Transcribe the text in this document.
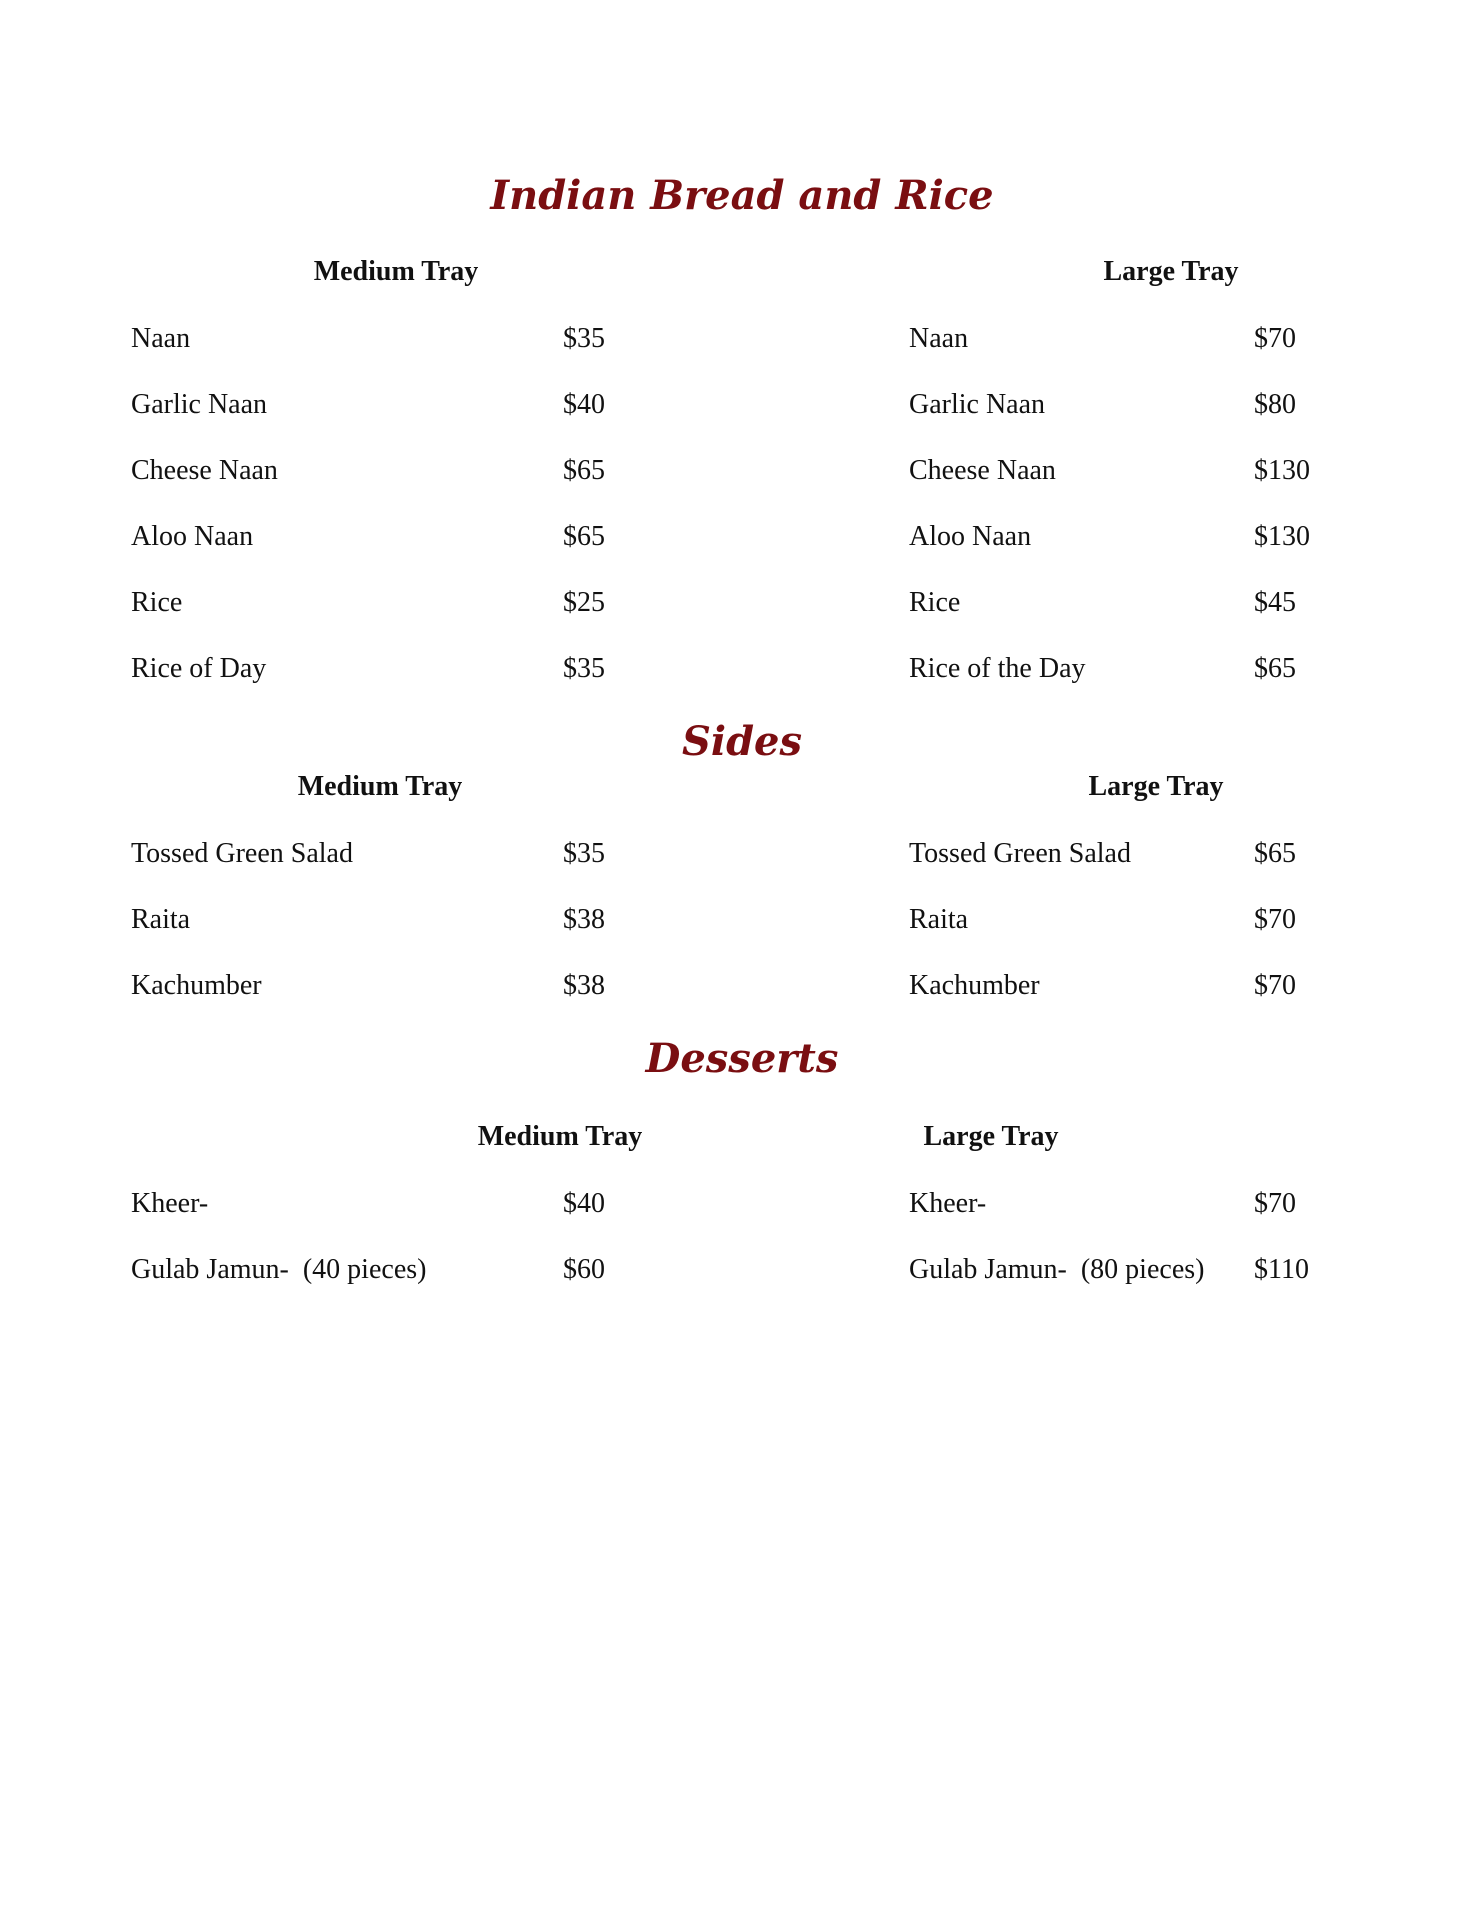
Indian Bread and Rice
Medium Tray	Large Tray
Naan	$35	Naan	$70
Garlic Naan	$40	Garlic Naan	$80
Cheese Naan	$65	Cheese Naan	$130
Aloo Naan	$65	Aloo Naan	$130
Rice	$25	Rice	$45
Rice of Day	$35	Rice of the Day	$65
Sides
Medium Tray	Large Tray
Tossed Green Salad	$35	Tossed Green Salad	$65
Raita	$38	Raita	$70
Kachumber	$38	Kachumber	$70
Desserts
Medium Tray	Large Tray
Kheer-	$40	Kheer-	$70
Gulab Jamun-  (40 pieces)	$60	Gulab Jamun-  (80 pieces) $110
